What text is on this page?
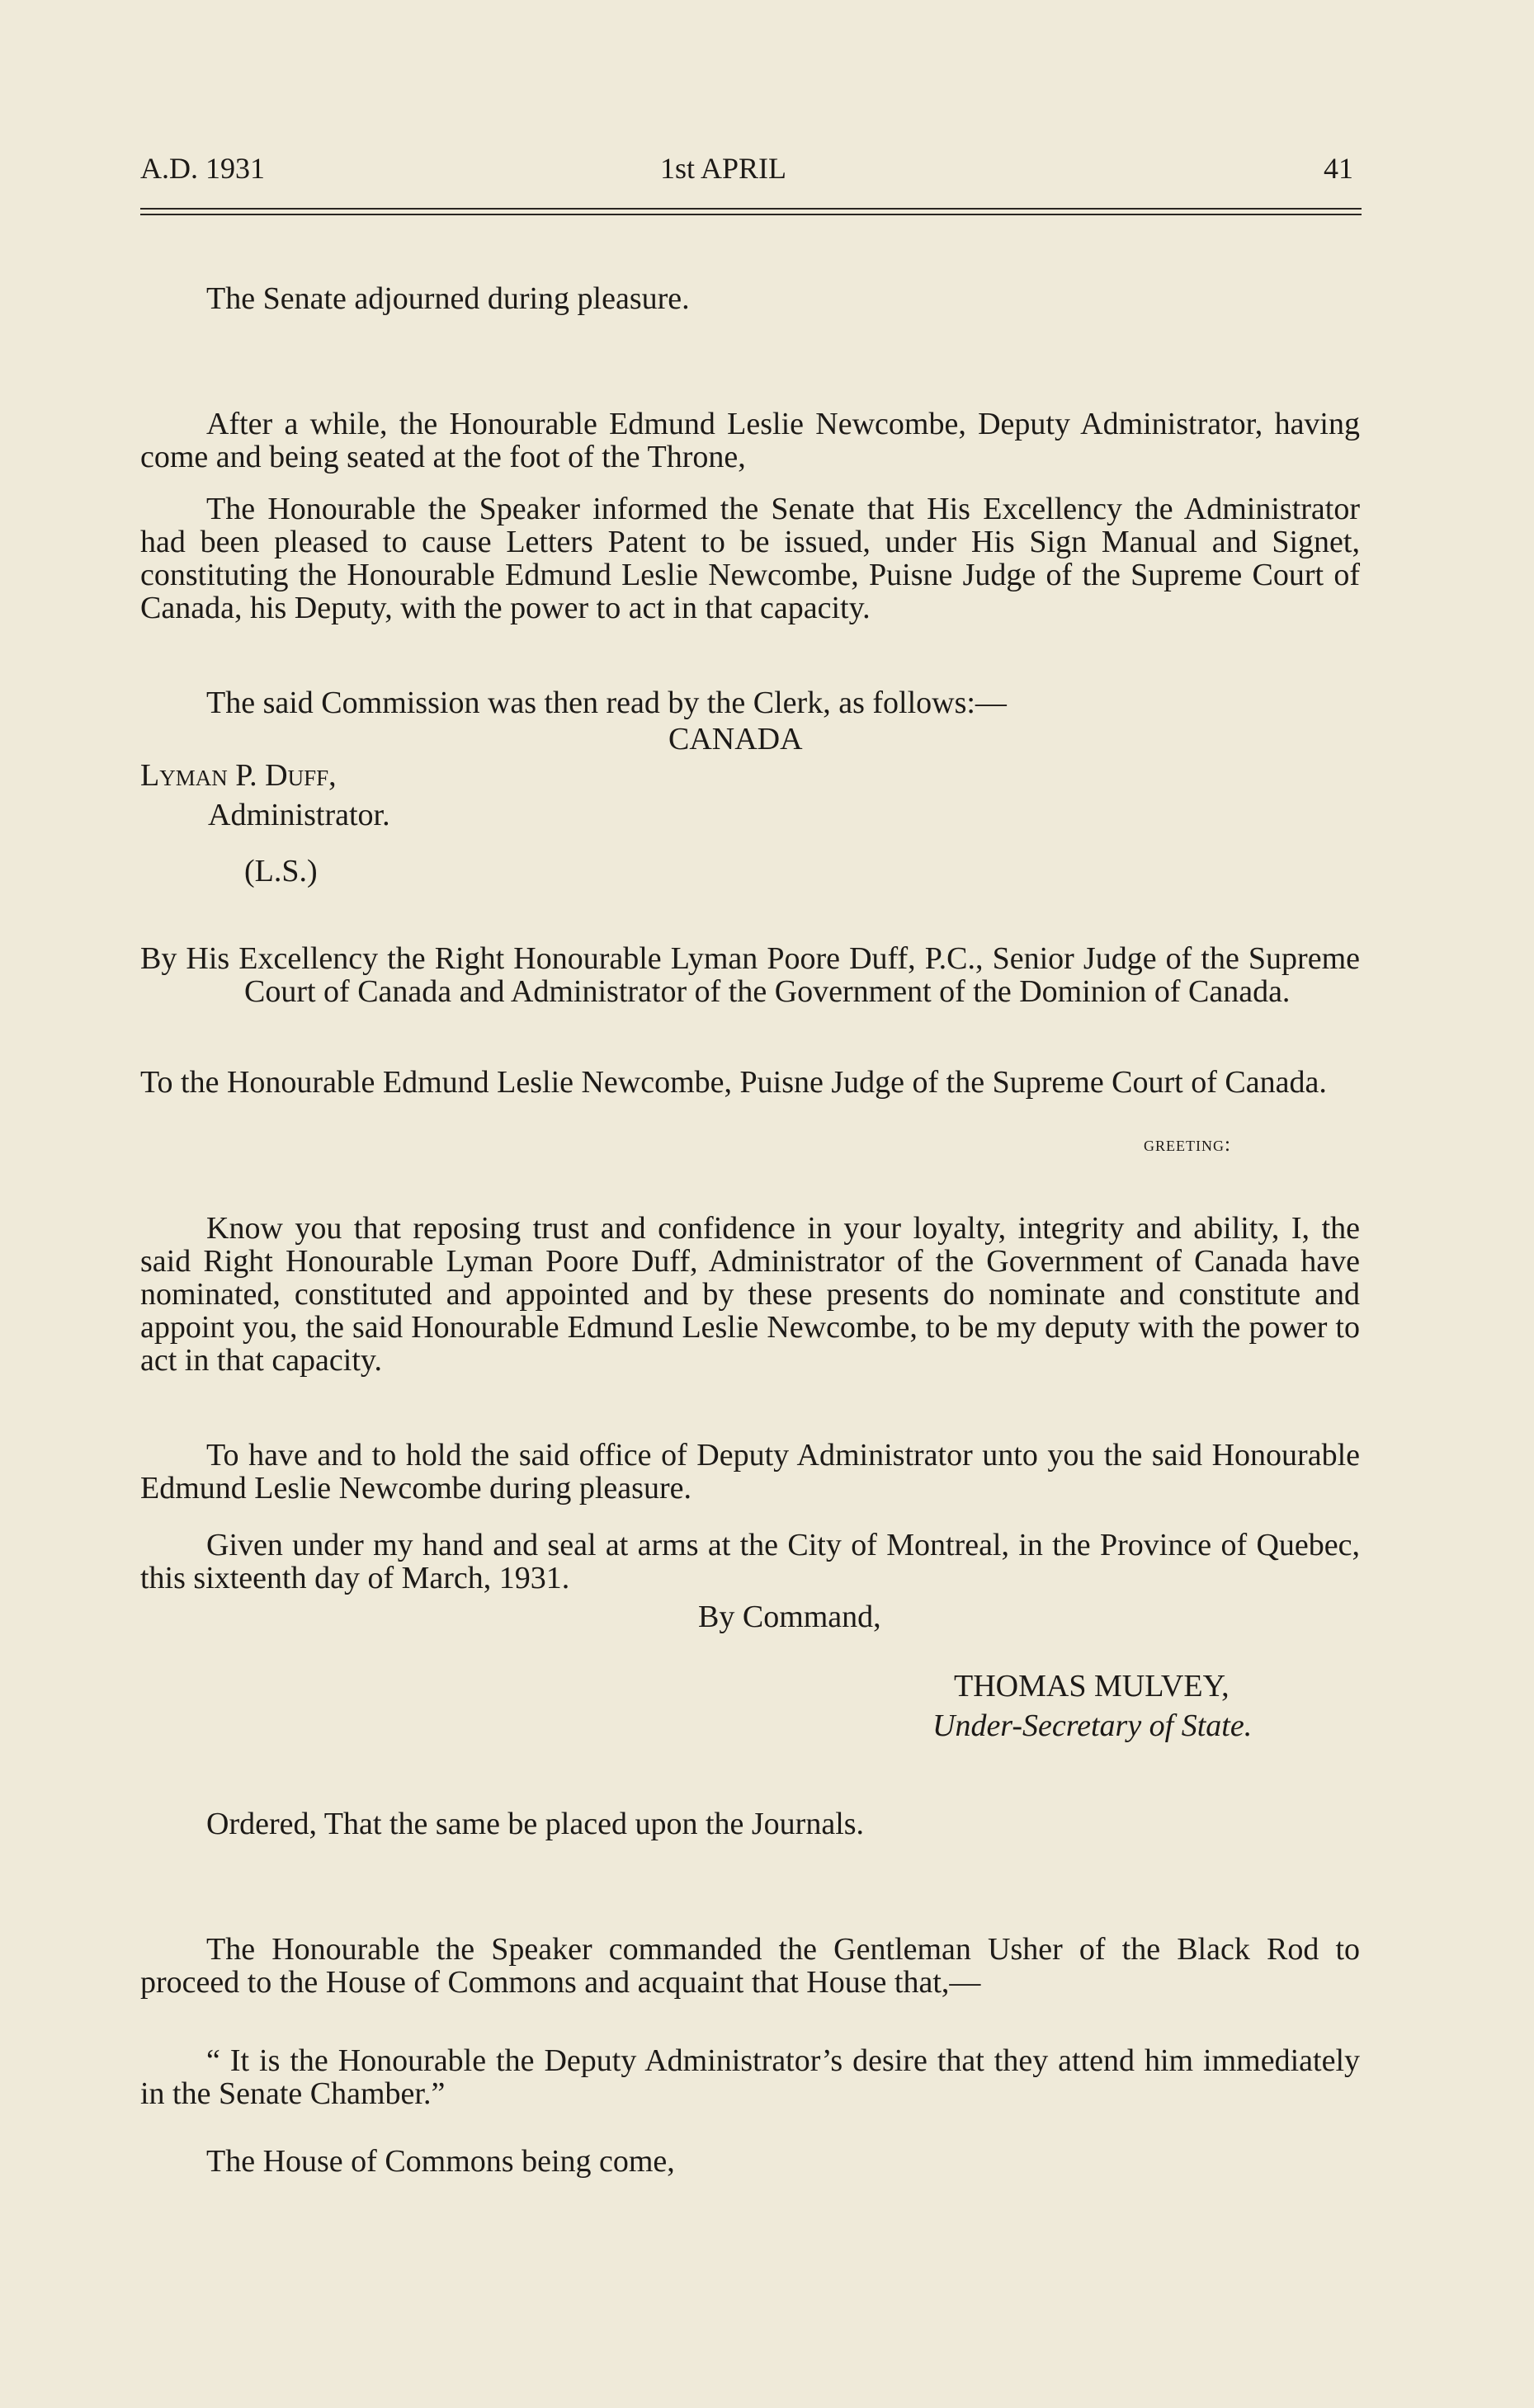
A.D. 1931	1st APRIL	41

The Senate adjourned during pleasure.

After a while, the Honourable Edmund Leslie Newcombe, Deputy Administrator, having come and being seated at the foot of the Throne,

The Honourable the Speaker informed the Senate that His Excellency the Administrator had been pleased to cause Letters Patent to be issued, under His Sign Manual and Signet, constituting the Honourable Edmund Leslie Newcombe, Puisne Judge of the Supreme Court of Canada, his Deputy, with the power to act in that capacity.

The said Commission was then read by the Clerk, as follows:—

CANADA
Lyman P. Duff,
Administrator.
(L.S.)

By His Excellency the Right Honourable Lyman Poore Duff, P.C., Senior Judge of the Supreme Court of Canada and Administrator of the Government of the Dominion of Canada.

To the Honourable Edmund Leslie Newcombe, Puisne Judge of the Supreme Court of Canada.

greeting:

Know you that reposing trust and confidence in your loyalty, integrity and ability, I, the said Right Honourable Lyman Poore Duff, Administrator of the Government of Canada have nominated, constituted and appointed and by these presents do nominate and constitute and appoint you, the said Honourable Edmund Leslie Newcombe, to be my deputy with the power to act in that capacity.

To have and to hold the said office of Deputy Administrator unto you the said Honourable Edmund Leslie Newcombe during pleasure.

Given under my hand and seal at arms at the City of Montreal, in the Province of Quebec, this sixteenth day of March, 1931.

By Command,
THOMAS MULVEY,
Under-Secretary of State.

Ordered, That the same be placed upon the Journals.

The Honourable the Speaker commanded the Gentleman Usher of the Black Rod to proceed to the House of Commons and acquaint that House that,—

“ It is the Honourable the Deputy Administrator’s desire that they attend him immediately in the Senate Chamber.”

The House of Commons being come,
